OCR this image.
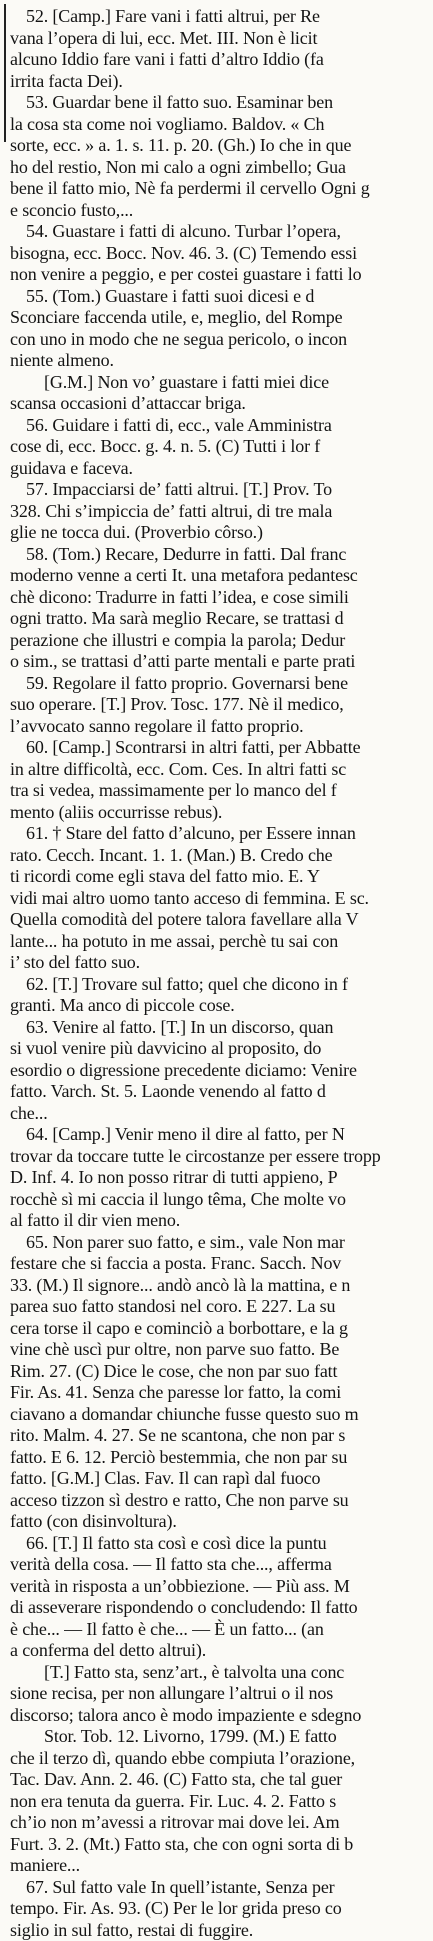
52. [Camp.] Fare vani i fatti altrui, per Re
vana l’opera di lui, ecc. Met. III. Non è licit
alcuno Iddio fare vani i fatti d’altro Iddio (fa
irrita facta Dei).
53. Guardar bene il fatto suo. Esaminar ben
la cosa sta come noi vogliamo. Baldov. « Ch
sorte, ecc. » a. 1. s. 11. p. 20. (Gh.) Io che in que
ho del restio, Non mi calo a ogni zimbello; Gua
bene il fatto mio, Nè fa perdermi il cervello Ogni g
e sconcio fusto,...
54. Guastare i fatti di alcuno. Turbar l’opera,
bisogna, ecc. Bocc. Nov. 46. 3. (C) Temendo essi
non venire a peggio, e per costei guastare i fatti lo
55. (Tom.) Guastare i fatti suoi dicesi e d
Sconciare faccenda utile, e, meglio, del Rompe
con uno in modo che ne segua pericolo, o incon
niente almeno.
[G.M.] Non vo’ guastare i fatti miei dice
scansa occasioni d’attaccar briga.
56. Guidare i fatti di, ecc., vale Amministra
cose di, ecc. Bocc. g. 4. n. 5. (C) Tutti i lor f
guidava e faceva.
57. Impacciarsi de’ fatti altrui. [T.] Prov. To
328. Chi s’impiccia de’ fatti altrui, di tre mala
glie ne tocca dui. (Proverbio côrso.)
58. (Tom.) Recare, Dedurre in fatti. Dal franc
moderno venne a certi It. una metafora pedantesc
chè dicono: Tradurre in fatti l’idea, e cose simili
ogni tratto. Ma sarà meglio Recare, se trattasi d
perazione che illustri e compia la parola; Dedur
o sim., se trattasi d’atti parte mentali e parte prati
59. Regolare il fatto proprio. Governarsi bene
suo operare. [T.] Prov. Tosc. 177. Nè il medico,
l’avvocato sanno regolare il fatto proprio.
60. [Camp.] Scontrarsi in altri fatti, per Abbatte
in altre difficoltà, ecc. Com. Ces. In altri fatti sc
tra si vedea, massimamente per lo manco del f
mento (aliis occurrisse rebus).
61. † Stare del fatto d’alcuno, per Essere innan
rato. Cecch. Incant. 1. 1. (Man.) B. Credo che
ti ricordi come egli stava del fatto mio. E. Y
vidi mai altro uomo tanto acceso di femmina. E sc.
Quella comodità del potere talora favellare alla V
lante... ha potuto in me assai, perchè tu sai con
i’ sto del fatto suo.
62. [T.] Trovare sul fatto; quel che dicono in f
granti. Ma anco di piccole cose.
63. Venire al fatto. [T.] In un discorso, quan
si vuol venire più davvicino al proposito, do
esordio o digressione precedente diciamo: Venire
fatto. Varch. St. 5. Laonde venendo al fatto d
che...
64. [Camp.] Venir meno il dire al fatto, per N
trovar da toccare tutte le circostanze per essere tropp
D. Inf. 4. Io non posso ritrar di tutti appieno, P
rocchè sì mi caccia il lungo têma, Che molte vo
al fatto il dir vien meno.
65. Non parer suo fatto, e sim., vale Non mar
festare che si faccia a posta. Franc. Sacch. Nov
33. (M.) Il signore... andò ancò là la mattina, e n
parea suo fatto standosi nel coro. E 227. La su
cera torse il capo e cominciò a borbottare, e la g
vine chè uscì pur oltre, non parve suo fatto. Be
Rim. 27. (C) Dice le cose, che non par suo fatt
Fir. As. 41. Senza che paresse lor fatto, la comi
ciavano a domandar chiunche fusse questo suo m
rito. Malm. 4. 27. Se ne scantona, che non par s
fatto. E 6. 12. Perciò bestemmia, che non par su
fatto. [G.M.] Clas. Fav. Il can rapì dal fuoco
acceso tizzon sì destro e ratto, Che non parve su
fatto (con disinvoltura).
66. [T.] Il fatto sta così e così dice la puntu
verità della cosa. — Il fatto sta che..., afferma
verità in risposta a un’obbiezione. — Più ass. M
di asseverare rispondendo o concludendo: Il fatto
è che... — Il fatto è che... — È un fatto... (an
a conferma del detto altrui).
[T.] Fatto sta, senz’art., è talvolta una conc
sione recisa, per non allungare l’altrui o il nos
discorso; talora anco è modo impaziente e sdegno
Stor. Tob. 12. Livorno, 1799. (M.) E fatto
che il terzo dì, quando ebbe compiuta l’orazione,
Tac. Dav. Ann. 2. 46. (C) Fatto sta, che tal guer
non era tenuta da guerra. Fir. Luc. 4. 2. Fatto s
ch’io non m’avessi a ritrovar mai dove lei. Am
Furt. 3. 2. (Mt.) Fatto sta, che con ogni sorta di b
maniere...
67. Sul fatto vale In quell’istante, Senza per
tempo. Fir. As. 93. (C) Per le lor grida preso co
siglio in sul fatto, restai di fuggire.
